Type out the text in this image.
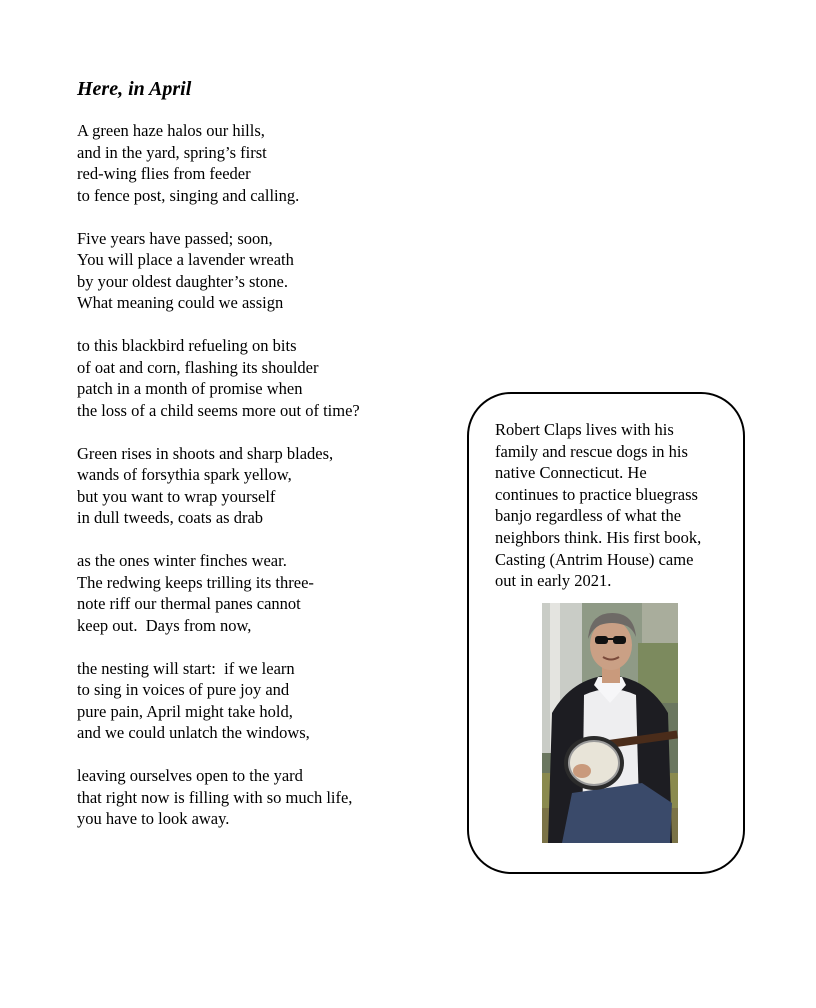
Here, in April
A green haze halos our hills,
and in the yard, spring’s first
red-wing flies from feeder
to fence post, singing and calling.
Five years have passed; soon,
You will place a lavender wreath
by your oldest daughter’s stone.
What meaning could we assign
to this blackbird refueling on bits
of oat and corn, flashing its shoulder
patch in a month of promise when
the loss of a child seems more out of time?
Green rises in shoots and sharp blades,
wands of forsythia spark yellow,
but you want to wrap yourself
in dull tweeds, coats as drab
as the ones winter finches wear.
The redwing keeps trilling its three-
note riff our thermal panes cannot
keep out.  Days from now,
the nesting will start:  if we learn
to sing in voices of pure joy and
pure pain, April might take hold,
and we could unlatch the windows,
leaving ourselves open to the yard
that right now is filling with so much life,
you have to look away.
Robert Claps lives with his
family and rescue dogs in his
native Connecticut. He
continues to practice bluegrass
banjo regardless of what the
neighbors think. His first book,
Casting (Antrim House) came
out in early 2021.
